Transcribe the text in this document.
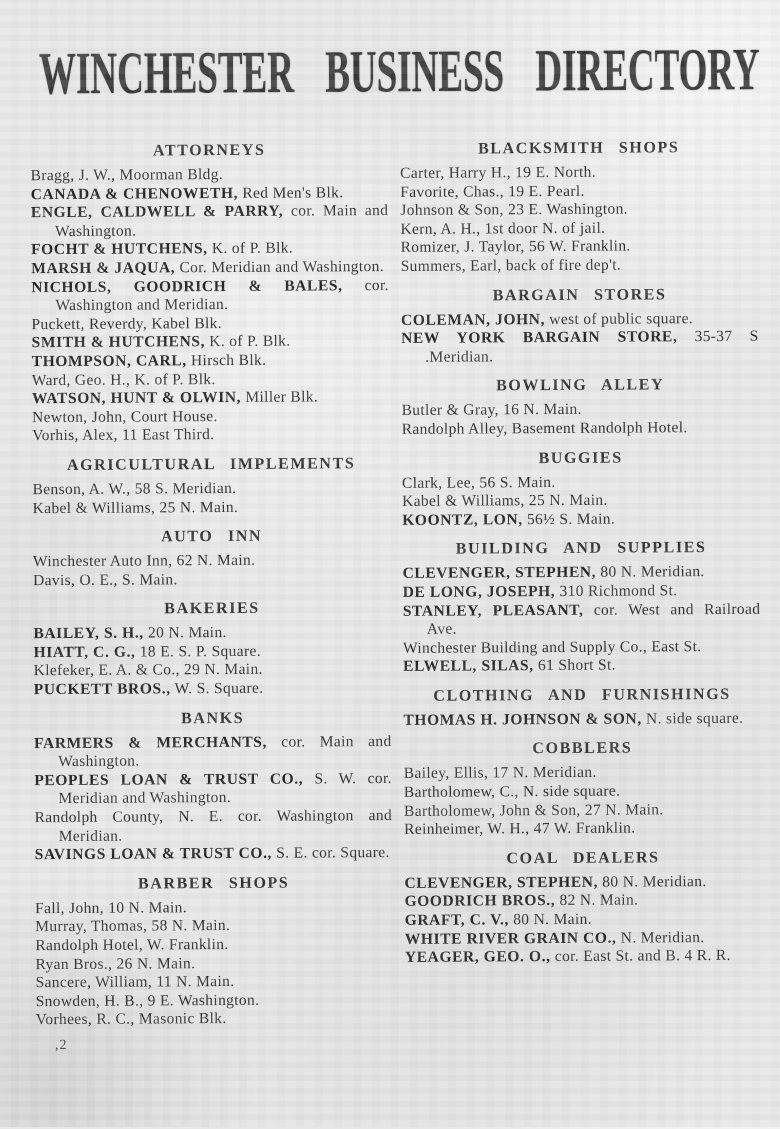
WINCHESTER BUSINESS DIRECTORY
ATTORNEYS

Bragg, J. W., Moorman Bldg.

CANADA & CHENOWETH, Red Men's Blk.

ENGLE, CALDWELL & PARRY, cor. Main and Washington.

FOCHT & HUTCHENS, K. of P. Blk.

MARSH & JAQUA, Cor. Meridian and Washington.

NICHOLS, GOODRICH & BALES, cor. Washington and Meridian.

Puckett, Reverdy, Kabel Blk.

SMITH & HUTCHENS, K. of P. Blk.

THOMPSON, CARL, Hirsch Blk.

Ward, Geo. H., K. of P. Blk.

WATSON, HUNT & OLWIN, Miller Blk.

Newton, John, Court House.

Vorhis, Alex, 11 East Third.

AGRICULTURAL IMPLEMENTS

Benson, A. W., 58 S. Meridian.

Kabel & Williams, 25 N. Main.

AUTO INN

Winchester Auto Inn, 62 N. Main.

Davis, O. E., S. Main.

BAKERIES

BAILEY, S. H., 20 N. Main.

HIATT, C. G., 18 E. S. P. Square.

Klefeker, E. A. & Co., 29 N. Main.

PUCKETT BROS., W. S. Square.

BANKS

FARMERS & MERCHANTS, cor. Main and Washington.

PEOPLES LOAN & TRUST CO., S. W. cor. Meridian and Washington.

Randolph County, N. E. cor. Washington and Meridian.

SAVINGS LOAN & TRUST CO., S. E. cor. Square.

BARBER SHOPS

Fall, John, 10 N. Main.

Murray, Thomas, 58 N. Main.

Randolph Hotel, W. Franklin.

Ryan Bros., 26 N. Main.

Sancere, William, 11 N. Main.

Snowden, H. B., 9 E. Washington.

Vorhees, R. C., Masonic Blk.

BLACKSMITH SHOPS

Carter, Harry H., 19 E. North.

Favorite, Chas., 19 E. Pearl.

Johnson & Son, 23 E. Washington.

Kern, A. H., 1st door N. of jail.

Romizer, J. Taylor, 56 W. Franklin.

Summers, Earl, back of fire dep't.

BARGAIN STORES

COLEMAN, JOHN, west of public square.

NEW YORK BARGAIN STORE, 35-37 S .Meridian.

BOWLING ALLEY

Butler & Gray, 16 N. Main.

Randolph Alley, Basement Randolph Hotel.

BUGGIES

Clark, Lee, 56 S. Main.

Kabel & Williams, 25 N. Main.

KOONTZ, LON, 56½ S. Main.

BUILDING AND SUPPLIES

CLEVENGER, STEPHEN, 80 N. Meridian.

DE LONG, JOSEPH, 310 Richmond St.

STANLEY, PLEASANT, cor. West and Railroad Ave.

Winchester Building and Supply Co., East St.

ELWELL, SILAS, 61 Short St.

CLOTHING AND FURNISHINGS

THOMAS H. JOHNSON & SON, N. side square.

COBBLERS

Bailey, Ellis, 17 N. Meridian.

Bartholomew, C., N. side square.

Bartholomew, John & Son, 27 N. Main.

Reinheimer, W. H., 47 W. Franklin.

COAL DEALERS

CLEVENGER, STEPHEN, 80 N. Meridian.

GOODRICH BROS., 82 N. Main.

GRAFT, C. V., 80 N. Main.

WHITE RIVER GRAIN CO., N. Meridian.

YEAGER, GEO. O., cor. East St. and B. 4 R. R.

,2
